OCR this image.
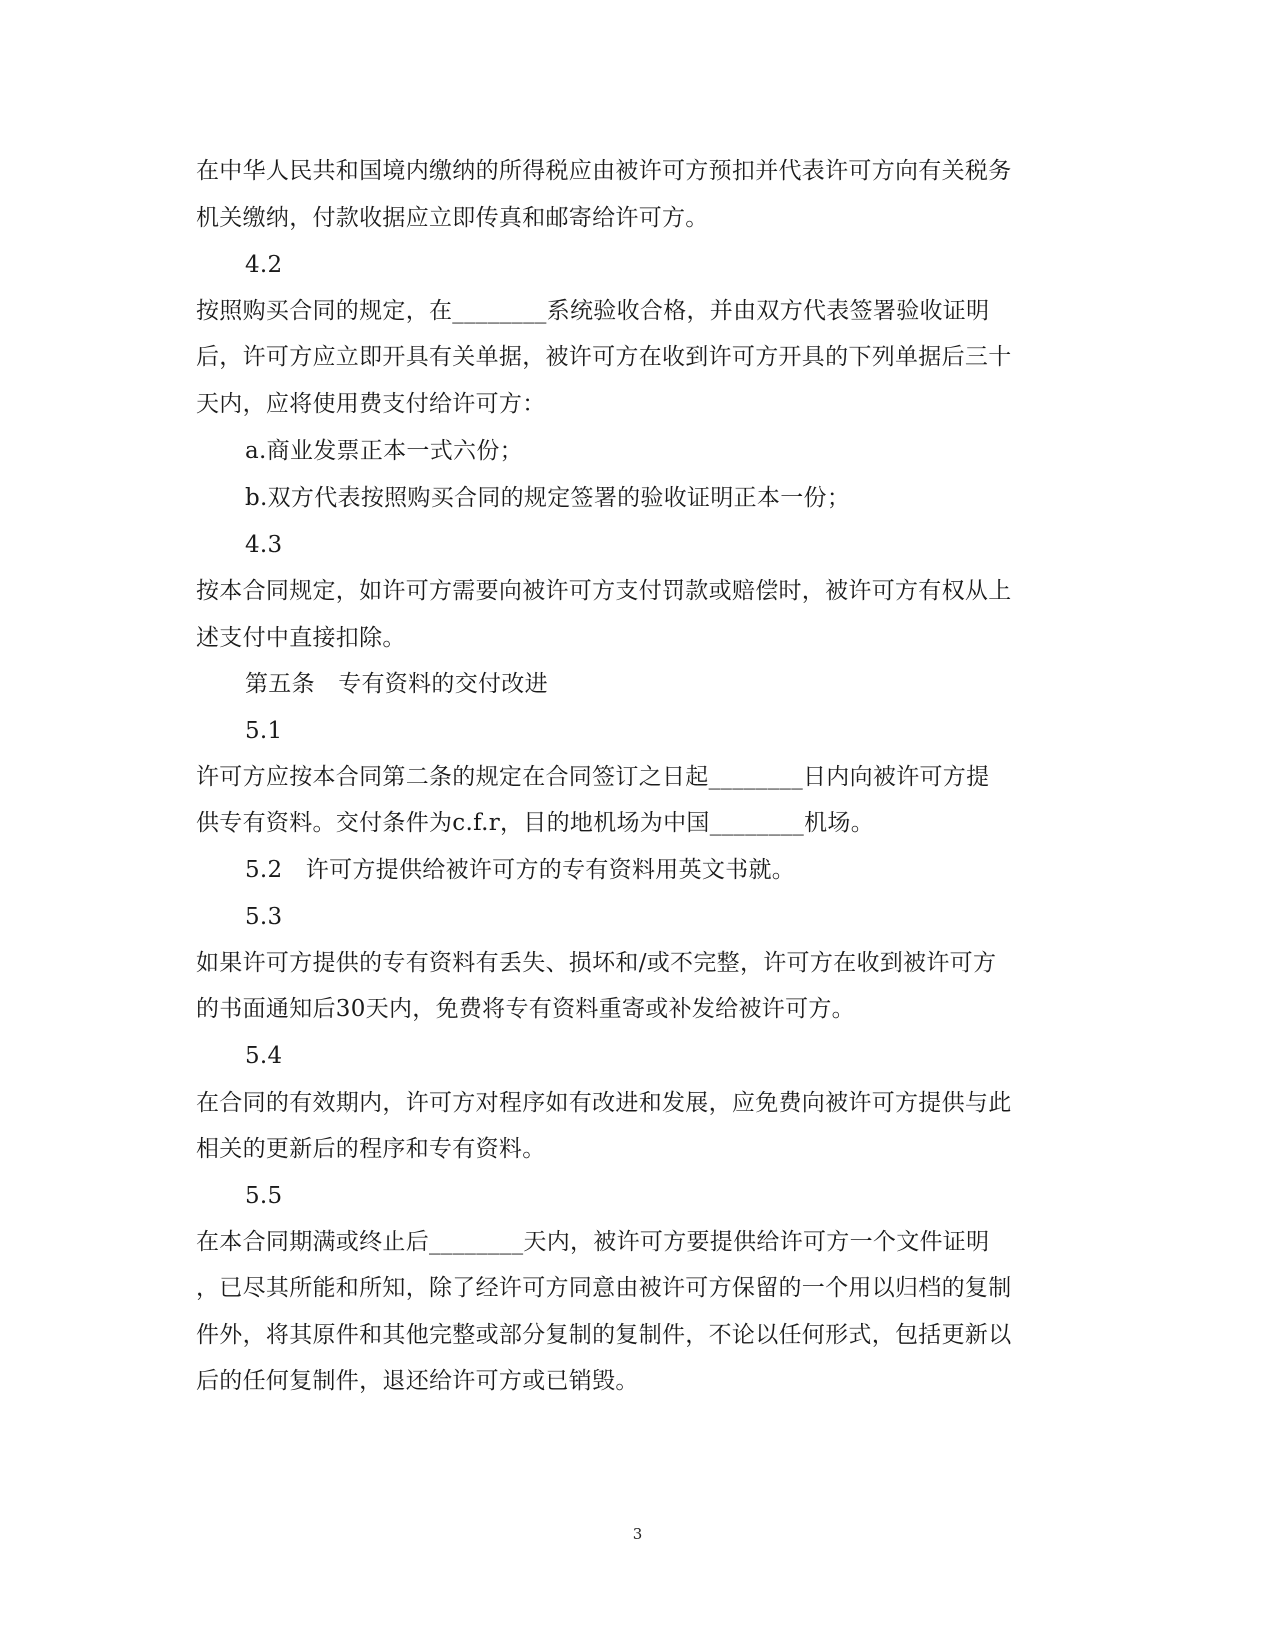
在中华人民共和国境内缴纳的所得税应由被许可方预扣并代表许可方向有关税务
机关缴纳，付款收据应立即传真和邮寄给许可方。
4.2
按照购买合同的规定，在________系统验收合格，并由双方代表签署验收证明
后，许可方应立即开具有关单据，被许可方在收到许可方开具的下列单据后三十
天内，应将使用费支付给许可方：
a.商业发票正本一式六份；
b.双方代表按照购买合同的规定签署的验收证明正本一份；
4.3
按本合同规定，如许可方需要向被许可方支付罚款或赔偿时，被许可方有权从上
述支付中直接扣除。
第五条　专有资料的交付改进
5.1
许可方应按本合同第二条的规定在合同签订之日起________日内向被许可方提
供专有资料。交付条件为c.f.r，目的地机场为中国________机场。
5.2　许可方提供给被许可方的专有资料用英文书就。
5.3
如果许可方提供的专有资料有丢失、损坏和/或不完整，许可方在收到被许可方
的书面通知后30天内，免费将专有资料重寄或补发给被许可方。
5.4
在合同的有效期内，许可方对程序如有改进和发展，应免费向被许可方提供与此
相关的更新后的程序和专有资料。
5.5
在本合同期满或终止后________天内，被许可方要提供给许可方一个文件证明
，已尽其所能和所知，除了经许可方同意由被许可方保留的一个用以归档的复制
件外，将其原件和其他完整或部分复制的复制件，不论以任何形式，包括更新以
后的任何复制件，退还给许可方或已销毁。
3
